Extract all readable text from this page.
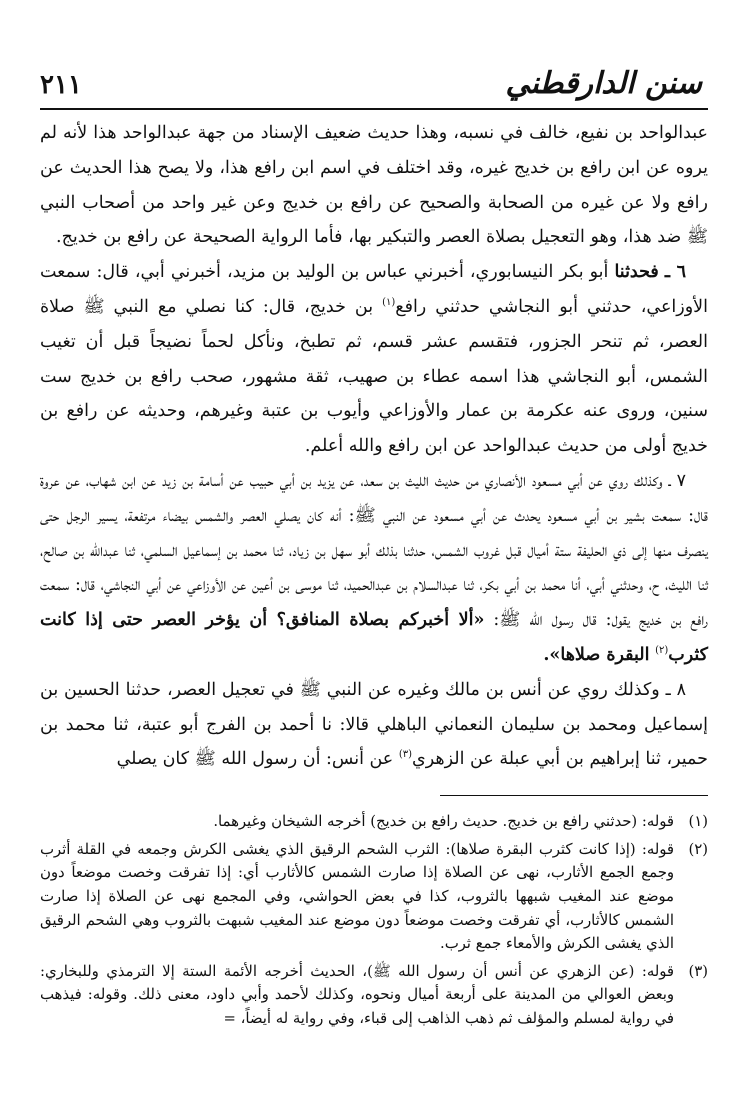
سنن الدارقطني
٢١١

عبدالواحد بن نفيع، خالف في نسبه، وهذا حديث ضعيف الإسناد من جهة عبدالواحد هذا لأنه لم يروه عن ابن رافع بن خديج غيره، وقد اختلف في اسم ابن رافع هذا، ولا يصح هذا الحديث عن رافع ولا عن غيره من الصحابة والصحيح عن رافع بن خديج وعن غير واحد من أصحاب النبي ﷺ ضد هذا، وهو التعجيل بصلاة العصر والتبكير بها، فأما الرواية الصحيحة عن رافع بن خديج.

٦ ـ فحدثنا أبو بكر النيسابوري، أخبرني عباس بن الوليد بن مزيد، أخبرني أبي، قال: سمعت الأوزاعي، حدثني أبو النجاشي حدثني رافع$^{(١)}$ بن خديج، قال: كنا نصلي مع النبي ﷺ صلاة العصر، ثم تنحر الجزور، فتقسم عشر قسم، ثم تطبخ، ونأكل لحماً نضيجاً قبل أن تغيب الشمس، أبو النجاشي هذا اسمه عطاء بن صهيب، ثقة مشهور، صحب رافع بن خديج ست سنين، وروى عنه عكرمة بن عمار والأوزاعي وأيوب بن عتبة وغيرهم، وحديثه عن رافع بن خديج أولى من حديث عبدالواحد عن ابن رافع والله أعلم.

٧ ـ وكذلك روي عن أبي مسعود الأنصاري من حديث الليث بن سعد، عن يزيد بن أبي حبيب عن أسامة بن زيد عن ابن شهاب، عن عروة قال: سمعت بشير بن أبي مسعود يحدث عن أبي مسعود عن النبي ﷺ: أنه كان يصلي العصر والشمس بيضاء مرتفعة، يسير الرجل حتى ينصرف منها إلى ذي الحليفة ستة أميال قبل غروب الشمس، حدثنا بذلك أبو سهل بن زياد، ثنا محمد بن إسماعيل السلمي، ثنا عبدالله بن صالح، ثنا الليث، ح، وحدثني أبي، أنا محمد بن أبي بكر، ثنا عبدالسلام بن عبدالحميد، ثنا موسى بن أعين عن الأوزاعي عن أبي النجاشي، قال: سمعت رافع بن خديج يقول: قال رسول الله ﷺ: «ألا أخبركم بصلاة المنافق؟ أن يؤخر العصر حتى إذا كانت كثرب$^{(٢)}$ البقرة صلاها».

٨ ـ وكذلك روي عن أنس بن مالك وغيره عن النبي ﷺ في تعجيل العصر، حدثنا الحسين بن إسماعيل ومحمد بن سليمان النعماني الباهلي قالا: نا أحمد بن الفرج أبو عتبة، ثنا محمد بن حمير، ثنا إبراهيم بن أبي عبلة عن الزهري$^{(٣)}$ عن أنس: أن رسول الله ﷺ كان يصلي

(١)
قوله: (حدثني رافع بن خديج. حديث رافع بن خديج) أخرجه الشيخان وغيرهما.
(٢)
قوله: (إذا كانت كثرب البقرة صلاها): الثرب الشحم الرقيق الذي يغشى الكرش وجمعه في القلة أثرب وجمع الجمع الأثارب، نهى عن الصلاة إذا صارت الشمس كالأثارب أي: إذا تفرقت وخصت موضعاً دون موضع عند المغيب شبهها بالثروب، كذا في بعض الحواشي، وفي المجمع نهى عن الصلاة إذا صارت الشمس كالأثارب، أي تفرقت وخصت موضعاً دون موضع عند المغيب شبهت بالثروب وهي الشحم الرقيق الذي يغشى الكرش والأمعاء جمع ثرب.
(٣)
قوله: (عن الزهري عن أنس أن رسول الله ﷺ)، الحديث أخرجه الأئمة الستة إلا الترمذي وللبخاري: وبعض العوالي من المدينة على أربعة أميال ونحوه، وكذلك لأحمد وأبي داود، معنى ذلك. وقوله: فيذهب في رواية لمسلم والمؤلف ثم ذهب الذاهب إلى قباء، وفي رواية له أيضاً، =
